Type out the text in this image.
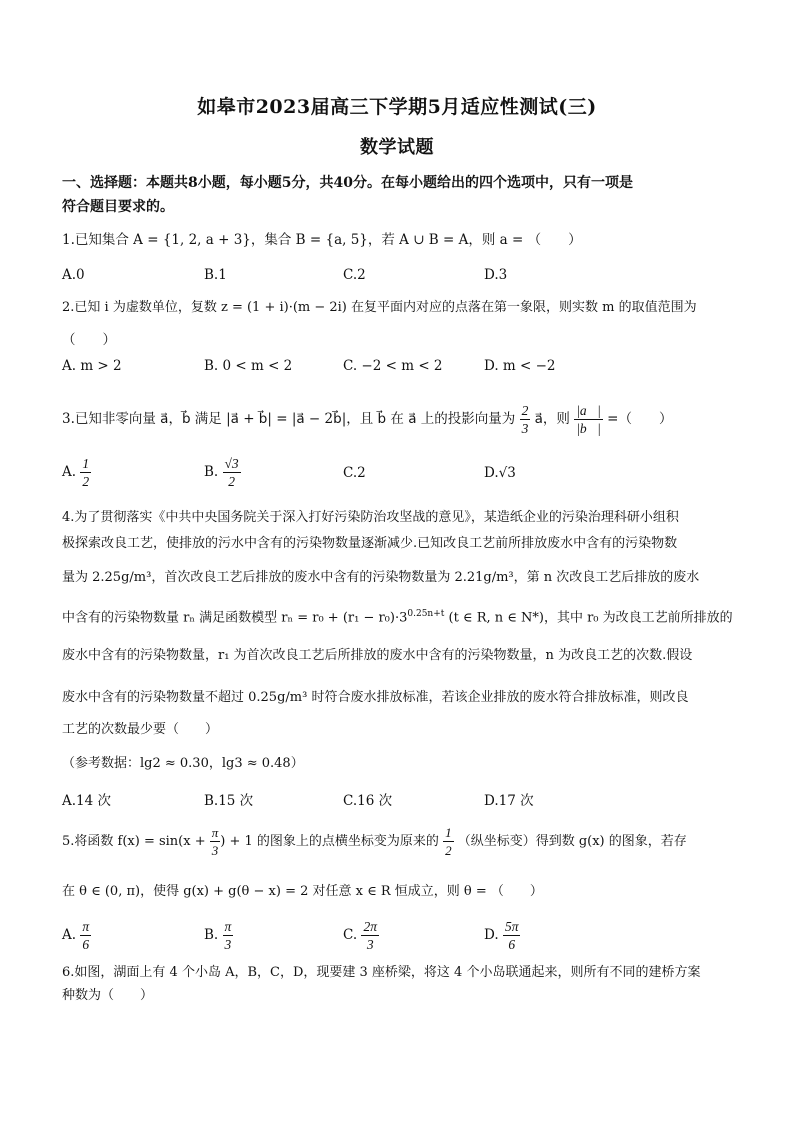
如皋市2023届高三下学期5月适应性测试(三)
数学试题
一、选择题：本题共8小题，每小题5分，共40分。在每小题给出的四个选项中，只有一项是
符合题目要求的。
1.已知集合 A = {1, 2, a + 3}，集合 B = {a, 5}，若 A ∪ B = A，则 a = （　　）
A.0	B.1	C.2	D.3
2.已知 i 为虚数单位，复数 z = (1 + i)·(m − 2i) 在复平面内对应的点落在第一象限，则实数 m 的取值范围为
（　　）
A. m > 2	B. 0 < m < 2	C. −2 < m < 2	D. m < −2
3.已知非零向量 a⃗，b⃗ 满足 |a⃗ + b⃗| = |a⃗ − 2b⃗|，且 b⃗ 在 a⃗ 上的投影向量为 $\frac{2}{3}$ a⃗，则 $\frac{|a⃗|}{|b⃗|}$ =（　　）
A. $\frac{1}{2}$	B. $\frac{√3}{2}$	C.2	D.√3
4.为了贯彻落实《中共中央国务院关于深入打好污染防治攻坚战的意见》，某造纸企业的污染治理科研小组积
极探索改良工艺，使排放的污水中含有的污染物数量逐渐减少.已知改良工艺前所排放废水中含有的污染物数
量为 2.25g/m³，首次改良工艺后排放的废水中含有的污染物数量为 2.21g/m³，第 n 次改良工艺后排放的废水
中含有的污染物数量 rₙ 满足函数模型 $r_n = r_0 + (r_1 - r_0)\cdot 3^{0.25n+t}$ (t ∈ R, n ∈ N*)，其中 r₀ 为改良工艺前所排放的
废水中含有的污染物数量，r₁ 为首次改良工艺后所排放的废水中含有的污染物数量，n 为改良工艺的次数.假设
废水中含有的污染物数量不超过 0.25g/m³ 时符合废水排放标准，若该企业排放的废水符合排放标准，则改良
工艺的次数最少要（　　）
（参考数据：lg2 ≈ 0.30，lg3 ≈ 0.48）
A.14 次	B.15 次	C.16 次	D.17 次
5.将函数 $f(x) = \sin(x + \frac{\pi}{3}$ ) + 1 的图象上的点横坐标变为原来的 $\frac{1}{2}$ （纵坐标变）得到数 g(x) 的图象，若存
在 θ ∈ (0, π)，使得 g(x) + g(θ − x) = 2 对任意 x ∈ R 恒成立，则 θ = （　　）
A. $\frac{\pi}{6}$	B. $\frac{\pi}{3}$	C. $\frac{2\pi}{3}$	D. $\frac{5\pi}{6}$
6.如图，湖面上有 4 个小岛 A，B，C，D，现要建 3 座桥梁，将这 4 个小岛联通起来，则所有不同的建桥方案
种数为（　　）
